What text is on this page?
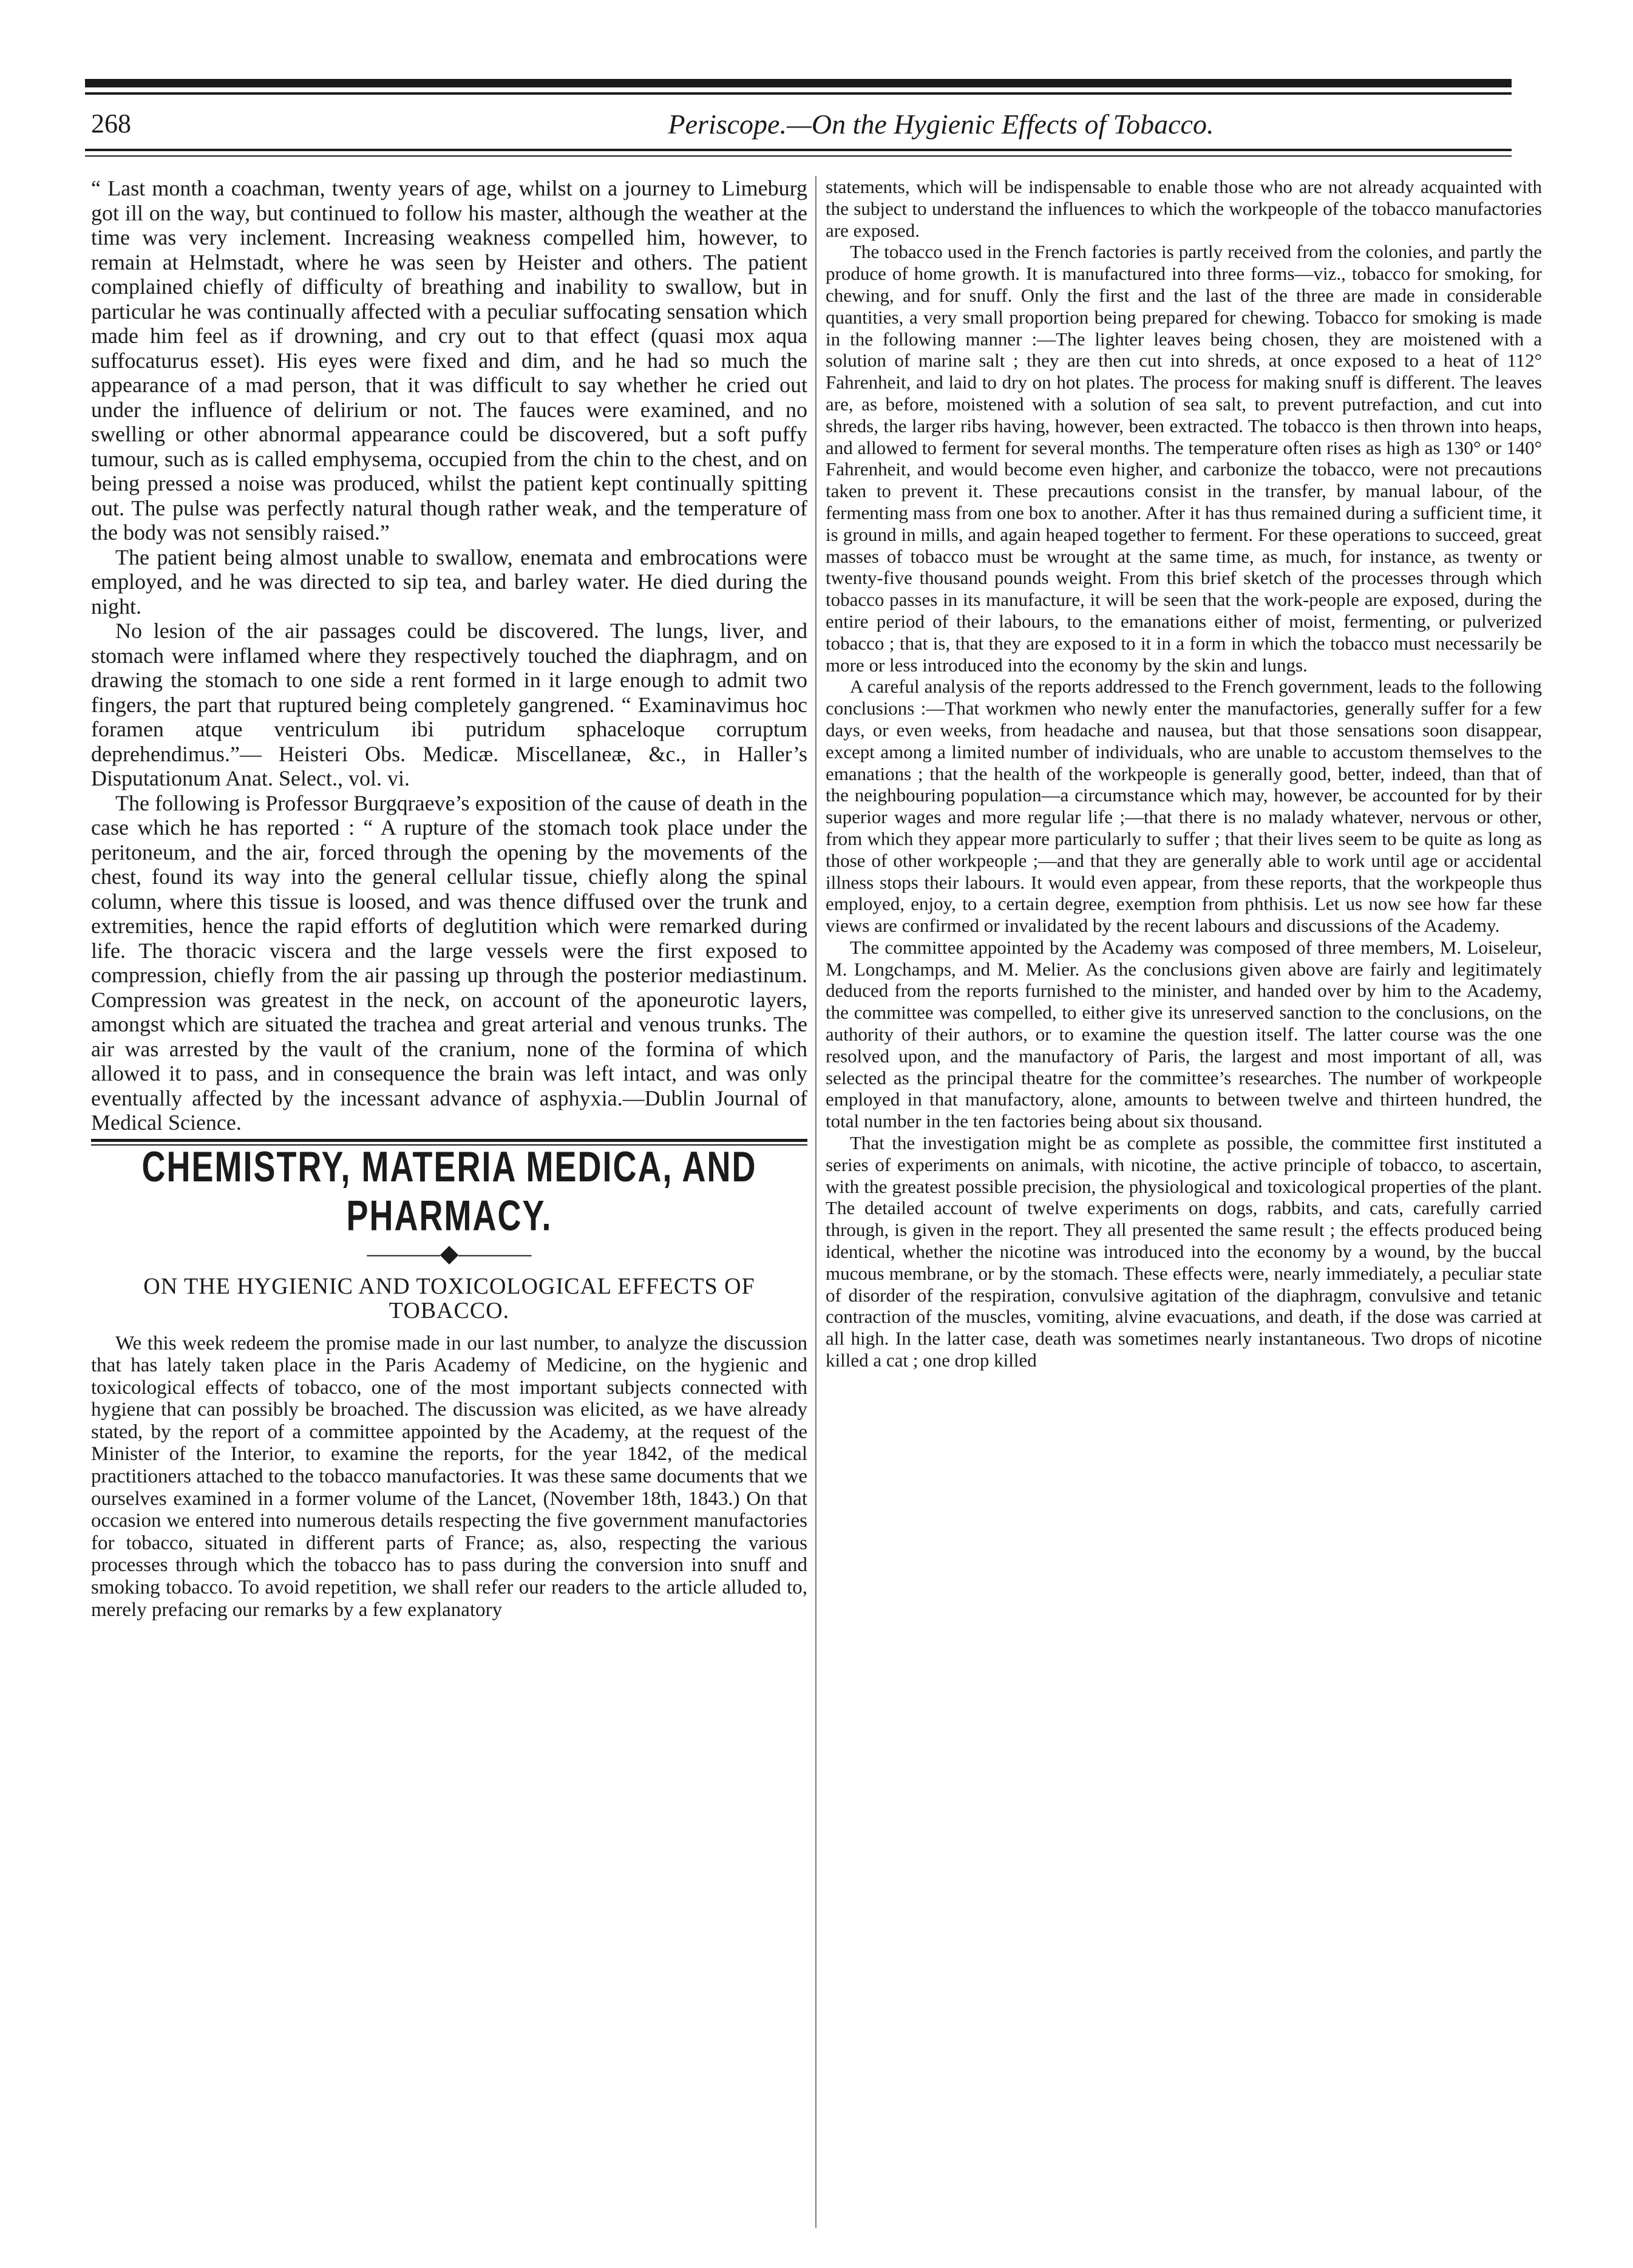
268	Periscope.—On the Hygienic Effects of Tobacco.

“ Last month a coachman, twenty years of age, whilst on a journey to Limeburg got ill on the way, but continued to follow his master, although the weather at the time was very inclement. Increasing weakness compelled him, however, to remain at Helmstadt, where he was seen by Heister and others. The patient complained chiefly of difficulty of breathing and inability to swallow, but in particular he was continually affected with a peculiar suffocating sensation which made him feel as if drowning, and cry out to that effect (quasi mox aqua suffocaturus esset). His eyes were fixed and dim, and he had so much the appearance of a mad person, that it was difficult to say whether he cried out under the influence of delirium or not. The fauces were examined, and no swelling or other abnormal appearance could be discovered, but a soft puffy tumour, such as is called emphysema, occupied from the chin to the chest, and on being pressed a noise was produced, whilst the patient kept continually spitting out. The pulse was perfectly natural though rather weak, and the temperature of the body was not sensibly raised.”

The patient being almost unable to swallow, enemata and embrocations were employed, and he was directed to sip tea, and barley water. He died during the night.

No lesion of the air passages could be discovered. The lungs, liver, and stomach were inflamed where they respectively touched the diaphragm, and on drawing the stomach to one side a rent formed in it large enough to admit two fingers, the part that ruptured being completely gangrened. “ Examinavimus hoc foramen atque ventriculum ibi putridum sphaceloque corruptum deprehendimus.”— Heisteri Obs. Medicæ. Miscellaneæ, &c., in Haller’s Disputationum Anat. Select., vol. vi.

The following is Professor Burgqraeve’s exposition of the cause of death in the case which he has reported : “ A rupture of the stomach took place under the peritoneum, and the air, forced through the opening by the movements of the chest, found its way into the general cellular tissue, chiefly along the spinal column, where this tissue is loosed, and was thence diffused over the trunk and extremities, hence the rapid efforts of deglutition which were remarked during life. The thoracic viscera and the large vessels were the first exposed to compression, chiefly from the air passing up through the posterior mediastinum. Compression was greatest in the neck, on account of the aponeurotic layers, amongst which are situated the trachea and great arterial and venous trunks. The air was arrested by the vault of the cranium, none of the formina of which allowed it to pass, and in consequence the brain was left intact, and was only eventually affected by the incessant advance of asphyxia.—Dublin Journal of Medical Science.

CHEMISTRY, MATERIA MEDICA, AND PHARMACY.
———◆———
ON THE HYGIENIC AND TOXICOLOGICAL EFFECTS OF TOBACCO.

We this week redeem the promise made in our last number, to analyze the discussion that has lately taken place in the Paris Academy of Medicine, on the hygienic and toxicological effects of tobacco, one of the most important subjects connected with hygiene that can possibly be broached. The discussion was elicited, as we have already stated, by the report of a committee appointed by the Academy, at the request of the Minister of the Interior, to examine the reports, for the year 1842, of the medical practitioners attached to the tobacco manufactories. It was these same documents that we ourselves examined in a former volume of the Lancet, (November 18th, 1843.) On that occasion we entered into numerous details respecting the five government manufactories for tobacco, situated in different parts of France; as, also, respecting the various processes through which the tobacco has to pass during the conversion into snuff and smoking tobacco. To avoid repetition, we shall refer our readers to the article alluded to, merely prefacing our remarks by a few explanatory

statements, which will be indispensable to enable those who are not already acquainted with the subject to understand the influences to which the workpeople of the tobacco manufactories are exposed.

The tobacco used in the French factories is partly received from the colonies, and partly the produce of home growth. It is manufactured into three forms—viz., tobacco for smoking, for chewing, and for snuff. Only the first and the last of the three are made in considerable quantities, a very small proportion being prepared for chewing. Tobacco for smoking is made in the following manner :—The lighter leaves being chosen, they are moistened with a solution of marine salt ; they are then cut into shreds, at once exposed to a heat of 112° Fahrenheit, and laid to dry on hot plates. The process for making snuff is different. The leaves are, as before, moistened with a solution of sea salt, to prevent putrefaction, and cut into shreds, the larger ribs having, however, been extracted. The tobacco is then thrown into heaps, and allowed to ferment for several months. The temperature often rises as high as 130° or 140° Fahrenheit, and would become even higher, and carbonize the tobacco, were not precautions taken to prevent it. These precautions consist in the transfer, by manual labour, of the fermenting mass from one box to another. After it has thus remained during a sufficient time, it is ground in mills, and again heaped together to ferment. For these operations to succeed, great masses of tobacco must be wrought at the same time, as much, for instance, as twenty or twenty-five thousand pounds weight. From this brief sketch of the processes through which tobacco passes in its manufacture, it will be seen that the work-people are exposed, during the entire period of their labours, to the emanations either of moist, fermenting, or pulverized tobacco ; that is, that they are exposed to it in a form in which the tobacco must necessarily be more or less introduced into the economy by the skin and lungs.

A careful analysis of the reports addressed to the French government, leads to the following conclusions :—That workmen who newly enter the manufactories, generally suffer for a few days, or even weeks, from headache and nausea, but that those sensations soon disappear, except among a limited number of individuals, who are unable to accustom themselves to the emanations ; that the health of the workpeople is generally good, better, indeed, than that of the neighbouring population—a circumstance which may, however, be accounted for by their superior wages and more regular life ;—that there is no malady whatever, nervous or other, from which they appear more particularly to suffer ; that their lives seem to be quite as long as those of other workpeople ;—and that they are generally able to work until age or accidental illness stops their labours. It would even appear, from these reports, that the workpeople thus employed, enjoy, to a certain degree, exemption from phthisis. Let us now see how far these views are confirmed or invalidated by the recent labours and discussions of the Academy.

The committee appointed by the Academy was composed of three members, M. Loiseleur, M. Longchamps, and M. Melier. As the conclusions given above are fairly and legitimately deduced from the reports furnished to the minister, and handed over by him to the Academy, the committee was compelled, to either give its unreserved sanction to the conclusions, on the authority of their authors, or to examine the question itself. The latter course was the one resolved upon, and the manufactory of Paris, the largest and most important of all, was selected as the principal theatre for the committee’s researches. The number of workpeople employed in that manufactory, alone, amounts to between twelve and thirteen hundred, the total number in the ten factories being about six thousand.

That the investigation might be as complete as possible, the committee first instituted a series of experiments on animals, with nicotine, the active principle of tobacco, to ascertain, with the greatest possible precision, the physiological and toxicological properties of the plant. The detailed account of twelve experiments on dogs, rabbits, and cats, carefully carried through, is given in the report. They all presented the same result ; the effects produced being identical, whether the nicotine was introduced into the economy by a wound, by the buccal mucous membrane, or by the stomach. These effects were, nearly immediately, a peculiar state of disorder of the respiration, convulsive agitation of the diaphragm, convulsive and tetanic contraction of the muscles, vomiting, alvine evacuations, and death, if the dose was carried at all high. In the latter case, death was sometimes nearly instantaneous. Two drops of nicotine killed a cat ; one drop killed
